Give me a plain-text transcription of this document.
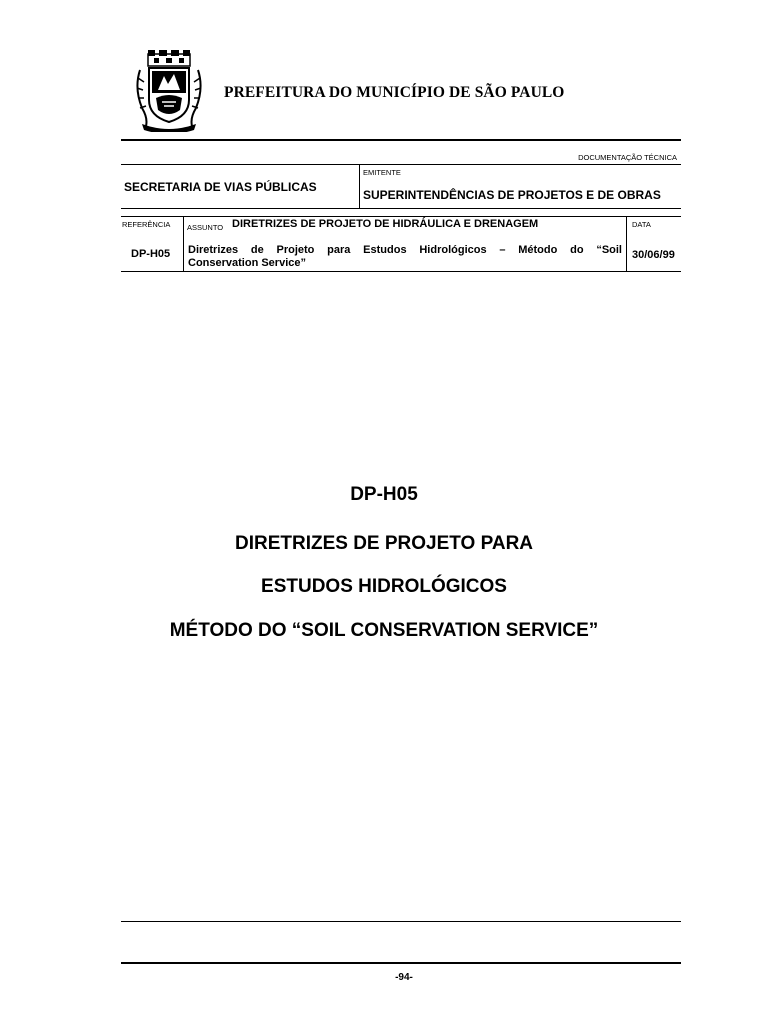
PREFEITURA DO MUNICÍPIO DE SÃO PAULO
DOCUMENTAÇÃO TÉCNICA
SECRETARIA DE VIAS PÚBLICAS
EMITENTE
SUPERINTENDÊNCIAS DE PROJETOS E DE OBRAS
REFERÊNCIA
DP-H05
ASSUNTO DIRETRIZES DE PROJETO DE HIDRÁULICA E DRENAGEM
Diretrizes de Projeto para Estudos Hidrológicos – Método do “Soil
Conservation Service”
DATA
30/06/99
DP-H05
DIRETRIZES DE PROJETO PARA
ESTUDOS HIDROLÓGICOS
MÉTODO DO “SOIL CONSERVATION SERVICE”
-94-
